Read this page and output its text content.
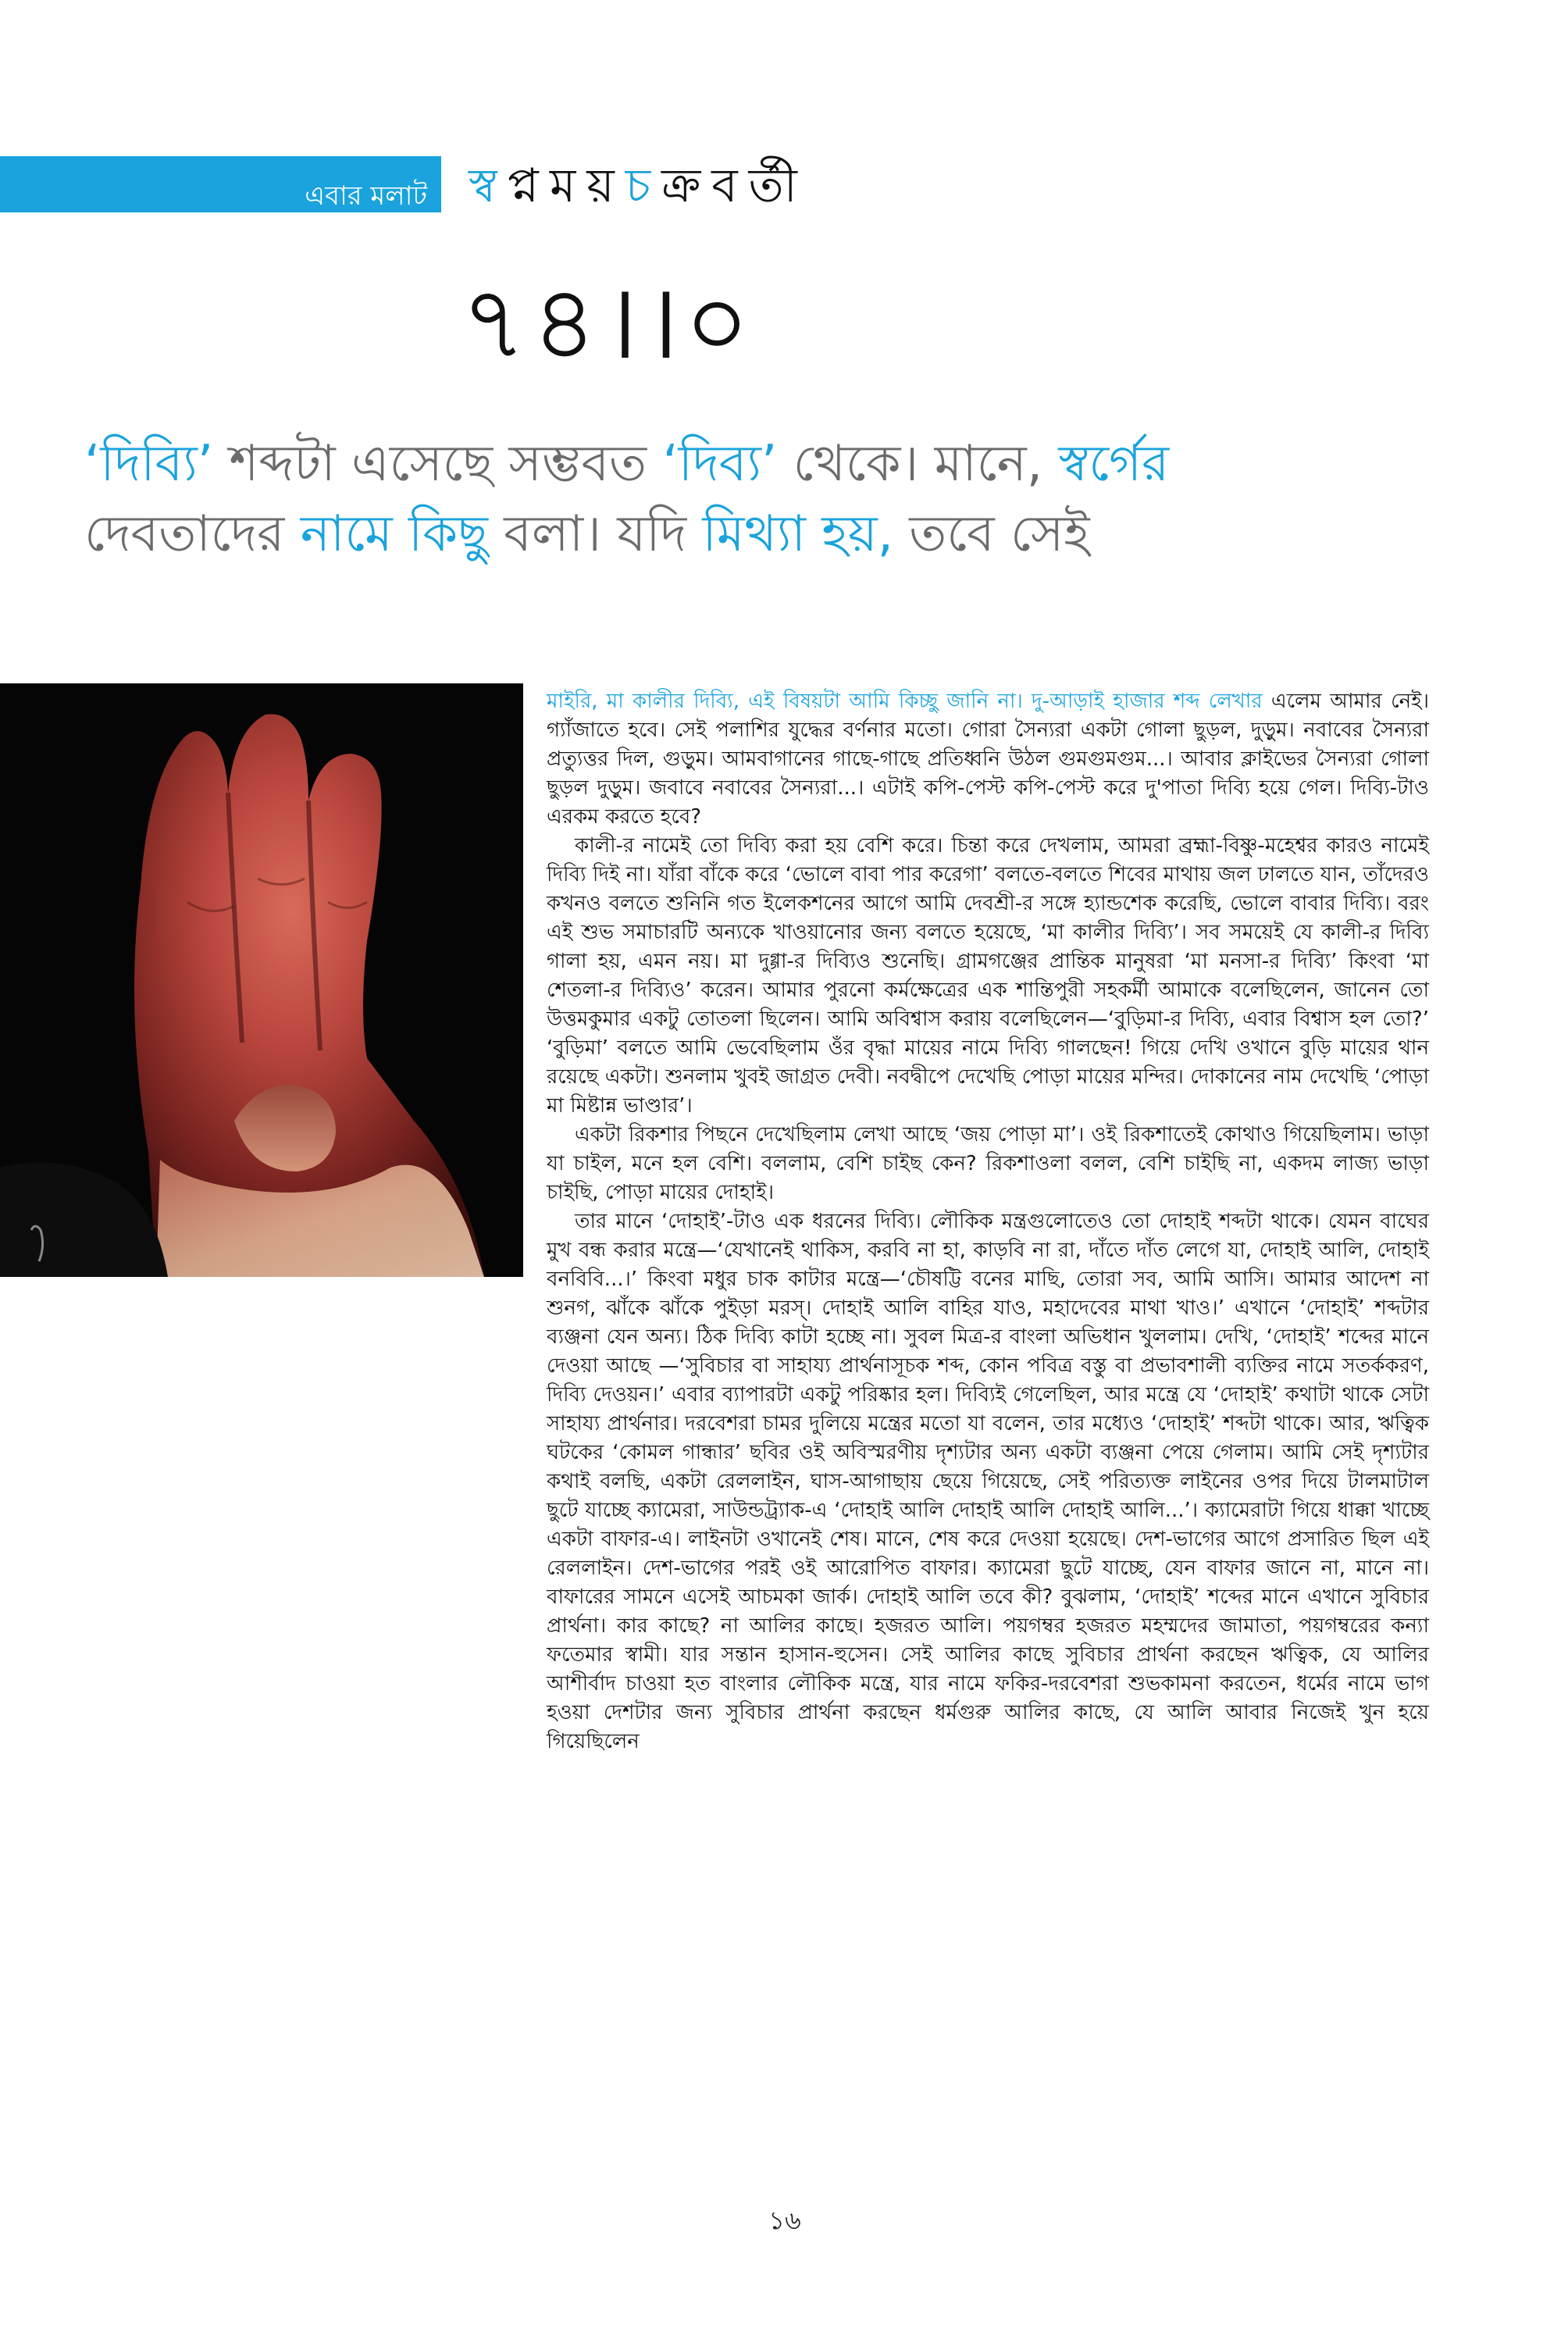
এবার মলাট স্বপ্নময়চক্রবর্তী
৭৪।।০
‘দিব্যি’ শব্দটা এসেছে সম্ভবত ‘দিব্য’ থেকে। মানে, স্বর্গের
দেবতাদের নামে কিছু বলা। যদি মিথ্যা হয়, তবে সেই

মাইরি, মা কালীর দিব্যি, এই বিষয়টা আমি কিচ্ছু জানি না। দু-আড়াই হাজার শব্দ লেখার এলেম আমার নেই। গ্যাঁজাতে হবে। সেই পলাশির যুদ্ধের বর্ণনার মতো। গোরা সৈন্যরা একটা গোলা ছুড়ল, দুড়ুম। নবাবের সৈন্যরা প্রত্যুত্তর দিল, গুড়ুম। আমবাগানের গাছে-গাছে প্রতিধ্বনি উঠল গুমগুমগুম...। আবার ক্লাইভের সৈন্যরা গোলা ছুড়ল দুড়ুম। জবাবে নবাবের সৈন্যরা...। এটাই কপি-পেস্ট কপি-পেস্ট করে দু'পাতা দিব্যি হয়ে গেল। দিব্যি-টাও এরকম করতে হবে?

কালী-র নামেই তো দিব্যি করা হয় বেশি করে। চিন্তা করে দেখলাম, আমরা ব্রহ্মা-বিষ্ণু-মহেশ্বর কারও নামেই দিব্যি দিই না। যাঁরা বাঁকে করে ‘ভোলে বাবা পার করেগা’ বলতে-বলতে শিবের মাথায় জল ঢালতে যান, তাঁদেরও কখনও বলতে শুনিনি গত ইলেকশনের আগে আমি দেবশ্রী-র সঙ্গে হ্যান্ডশেক করেছি, ভোলে বাবার দিব্যি। বরং এই শুভ সমাচারটি অন্যকে খাওয়ানোর জন্য বলতে হয়েছে, ‘মা কালীর দিব্যি’। সব সময়েই যে কালী-র দিব্যি গালা হয়, এমন নয়। মা দুগ্গা-র দিব্যিও শুনেছি। গ্রামগঞ্জের প্রান্তিক মানুষরা ‘মা মনসা-র দিব্যি’ কিংবা ‘মা শেতলা-র দিব্যিও’ করেন। আমার পুরনো কর্মক্ষেত্রের এক শান্তিপুরী সহকর্মী আমাকে বলেছিলেন, জানেন তো উত্তমকুমার একটু তোতলা ছিলেন। আমি অবিশ্বাস করায় বলেছিলেন—‘বুড়িমা-র দিব্যি, এবার বিশ্বাস হল তো?’ ‘বুড়িমা’ বলতে আমি ভেবেছিলাম ওঁর বৃদ্ধা মায়ের নামে দিব্যি গালছেন! গিয়ে দেখি ওখানে বুড়ি মায়ের থান রয়েছে একটা। শুনলাম খুবই জাগ্রত দেবী। নবদ্বীপে দেখেছি পোড়া মায়ের মন্দির। দোকানের নাম দেখেছি ‘পোড়া মা মিষ্টান্ন ভাণ্ডার’।

একটা রিকশার পিছনে দেখেছিলাম লেখা আছে ‘জয় পোড়া মা’। ওই রিকশাতেই কোথাও গিয়েছিলাম। ভাড়া যা চাইল, মনে হল বেশি। বললাম, বেশি চাইছ কেন? রিকশাওলা বলল, বেশি চাইছি না, একদম লাজ্য ভাড়া চাইছি, পোড়া মায়ের দোহাই।

তার মানে ‘দোহাই’-টাও এক ধরনের দিব্যি। লৌকিক মন্ত্রগুলোতেও তো দোহাই শব্দটা থাকে। যেমন বাঘের মুখ বন্ধ করার মন্ত্রে—‘যেখানেই থাকিস, করবি না হা, কাড়বি না রা, দাঁতে দাঁত লেগে যা, দোহাই আলি, দোহাই বনবিবি...।’ কিংবা মধুর চাক কাটার মন্ত্রে—‘চৌষট্টি বনের মাছি, তোরা সব, আমি আসি। আমার আদেশ না শুনগ, ঝাঁকে ঝাঁকে পুইড়া মরস্। দোহাই আলি বাহির যাও, মহাদেবের মাথা খাও।’ এখানে ‘দোহাই’ শব্দটার ব্যঞ্জনা যেন অন্য। ঠিক দিব্যি কাটা হচ্ছে না। সুবল মিত্র-র বাংলা অভিধান খুললাম। দেখি, ‘দোহাই’ শব্দের মানে দেওয়া আছে —‘সুবিচার বা সাহায্য প্রার্থনাসূচক শব্দ, কোন পবিত্র বস্তু বা প্রভাবশালী ব্যক্তির নামে সতর্ককরণ, দিব্যি দেওয়ন।’ এবার ব্যাপারটা একটু পরিষ্কার হল। দিব্যিই গেলেছিল, আর মন্ত্রে যে ‘দোহাই’ কথাটা থাকে সেটা সাহায্য প্রার্থনার। দরবেশরা চামর দুলিয়ে মন্ত্রের মতো যা বলেন, তার মধ্যেও ‘দোহাই’ শব্দটা থাকে। আর, ঋত্বিক ঘটকের ‘কোমল গান্ধার’ ছবির ওই অবিস্মরণীয় দৃশ্যটার অন্য একটা ব্যঞ্জনা পেয়ে গেলাম। আমি সেই দৃশ্যটার কথাই বলছি, একটা রেললাইন, ঘাস-আগাছায় ছেয়ে গিয়েছে, সেই পরিত্যক্ত লাইনের ওপর দিয়ে টালমাটাল ছুটে যাচ্ছে ক্যামেরা, সাউন্ডট্র্যাক-এ ‘দোহাই আলি দোহাই আলি দোহাই আলি...’। ক্যামেরাটা গিয়ে ধাক্কা খাচ্ছে একটা বাফার-এ। লাইনটা ওখানেই শেষ। মানে, শেষ করে দেওয়া হয়েছে। দেশ-ভাগের আগে প্রসারিত ছিল এই রেললাইন। দেশ-ভাগের পরই ওই আরোপিত বাফার। ক্যামেরা ছুটে যাচ্ছে, যেন বাফার জানে না, মানে না। বাফারের সামনে এসেই আচমকা জার্ক। দোহাই আলি তবে কী? বুঝলাম, ‘দোহাই’ শব্দের মানে এখানে সুবিচার প্রার্থনা। কার কাছে? না আলির কাছে। হজরত আলি। পয়গম্বর হজরত মহম্মদের জামাতা, পয়গম্বরের কন্যা ফতেমার স্বামী। যার সন্তান হাসান-হুসেন। সেই আলির কাছে সুবিচার প্রার্থনা করছেন ঋত্বিক, যে আলির আশীর্বাদ চাওয়া হত বাংলার লৌকিক মন্ত্রে, যার নামে ফকির-দরবেশরা শুভকামনা করতেন, ধর্মের নামে ভাগ হওয়া দেশটার জন্য সুবিচার প্রার্থনা করছেন ধর্মগুরু আলির কাছে, যে আলি আবার নিজেই খুন হয়ে গিয়েছিলেন

১৬
